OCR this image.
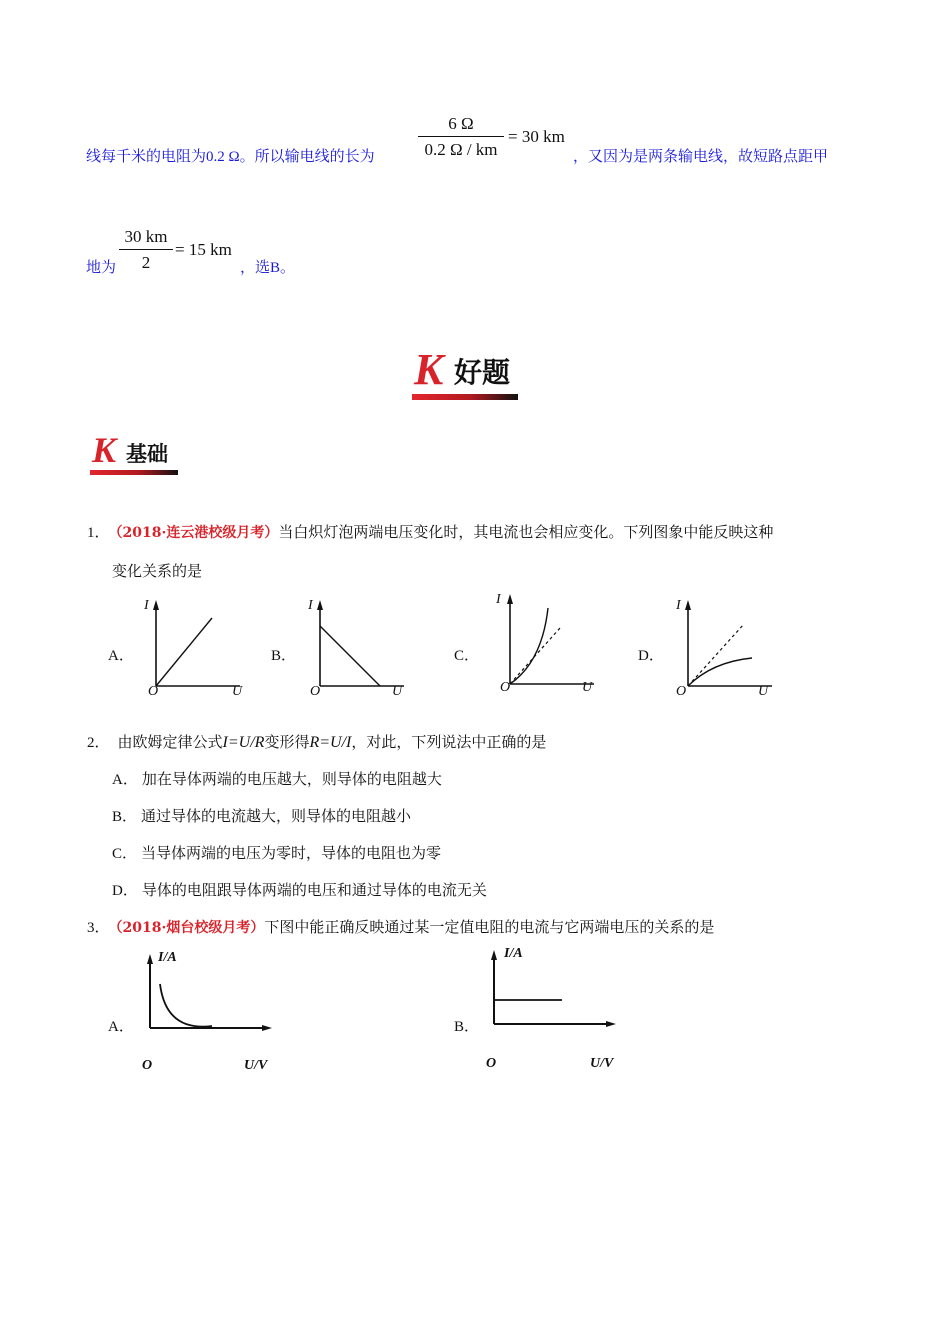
线每千米的电阻为0.2 Ω。所以输电线的长为
6 Ω
0.2 Ω / km
= 30 km
，又因为是两条输电线，故短路点距甲
地为
30 km
2
= 15 km
，选B。
K 好题
K 基础
1． （2018·连云港校级月考）当白炽灯泡两端电压变化时，其电流也会相应变化。下列图象中能反映这种
变化关系的是
A．
I
O	U
B．
I
O	U
C．
I
O	U
D．
I
O	U
2． 由欧姆定律公式I=U/R变形得R=U/I，对此，下列说法中正确的是
A． 加在导体两端的电压越大，则导体的电阻越大
B． 通过导体的电流越大，则导体的电阻越小
C． 当导体两端的电压为零时，导体的电阻也为零
D． 导体的电阻跟导体两端的电压和通过导体的电流无关
3． （2018·烟台校级月考）下图中能正确反映通过某一定值电阻的电流与它两端电压的关系的是
A．
I/A
O	U/V
B．
I/A
O	U/V
